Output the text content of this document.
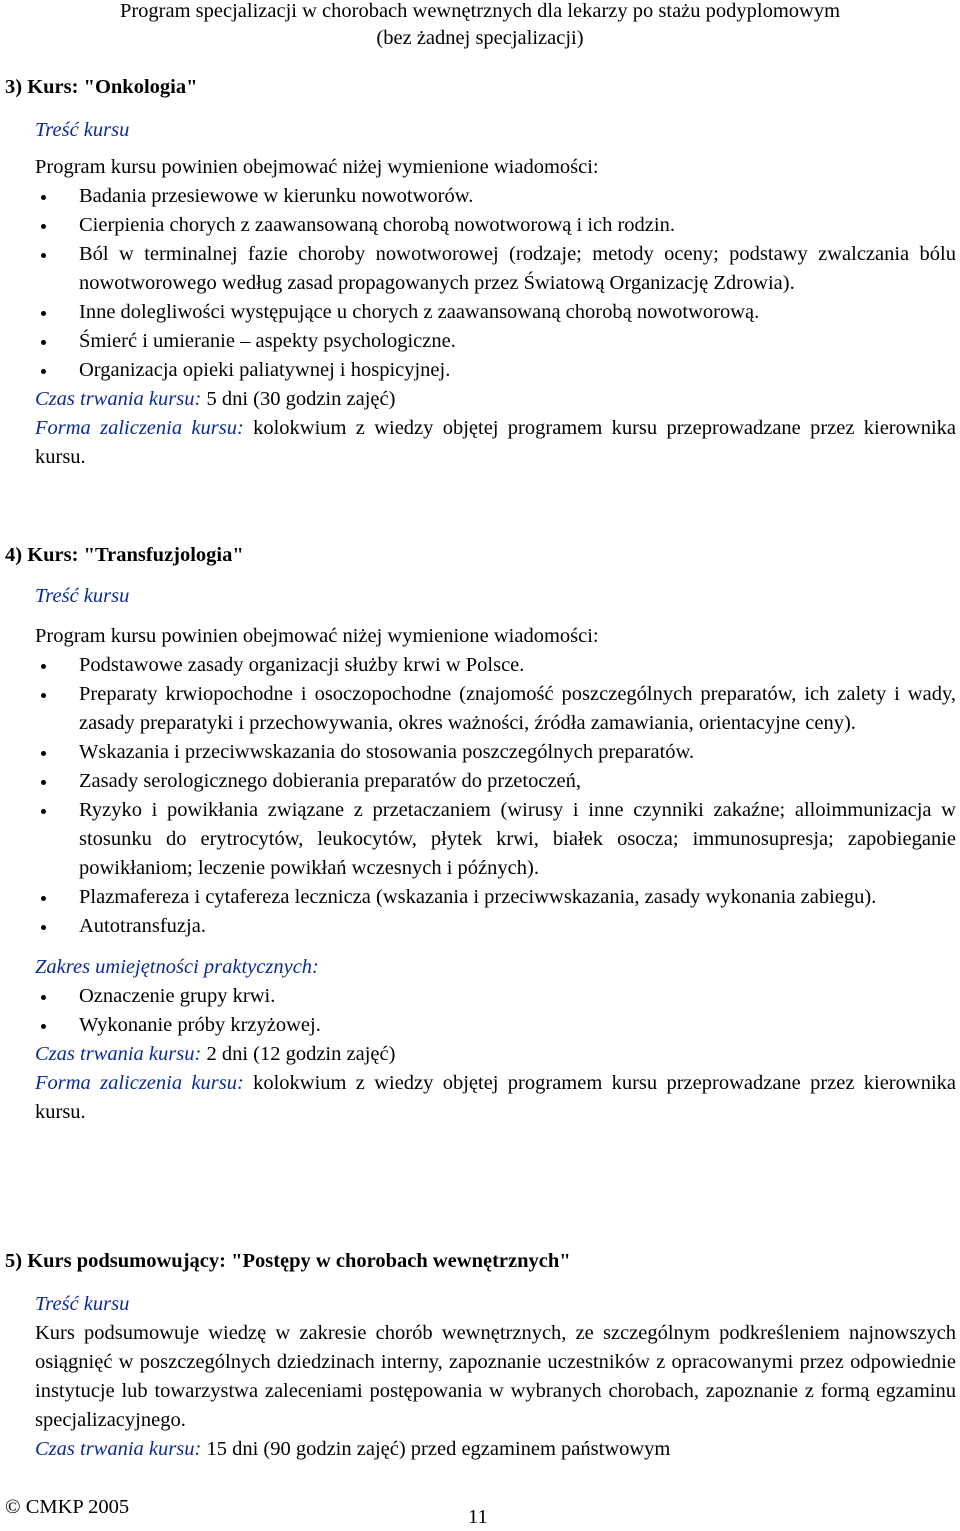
Program specjalizacji w chorobach wewnętrznych dla lekarzy po stażu podyplomowym
(bez żadnej specjalizacji)
3) Kurs: "Onkologia"
Treść kursu
Program kursu powinien obejmować niżej wymienione wiadomości:
Badania przesiewowe w kierunku nowotworów.
Cierpienia chorych z zaawansowaną chorobą nowotworową i ich rodzin.
Ból w terminalnej fazie choroby nowotworowej (rodzaje; metody oceny; podstawy zwalczania bólu nowotworowego według zasad propagowanych przez Światową Organizację Zdrowia).
Inne dolegliwości występujące u chorych z zaawansowaną chorobą nowotworową.
Śmierć i umieranie – aspekty psychologiczne.
Organizacja opieki paliatywnej i hospicyjnej.
Czas trwania kursu: 5 dni (30 godzin zajęć)
Forma zaliczenia kursu: kolokwium z wiedzy objętej programem kursu przeprowadzane przez kierownika kursu.
4) Kurs: "Transfuzjologia"
Treść kursu
Program kursu powinien obejmować niżej wymienione wiadomości:
Podstawowe zasady organizacji służby krwi w Polsce.
Preparaty krwiopochodne i osoczopochodne (znajomość poszczególnych preparatów, ich zalety i wady, zasady preparatyki i przechowywania, okres ważności, źródła zamawiania, orientacyjne ceny).
Wskazania i przeciwwskazania do stosowania poszczególnych preparatów.
Zasady serologicznego dobierania preparatów do przetoczeń,
Ryzyko i powikłania związane z przetaczaniem (wirusy i inne czynniki zakaźne; alloimmunizacja w stosunku do erytrocytów, leukocytów, płytek krwi, białek osocza; immunosupresja; zapobieganie powikłaniom; leczenie powikłań wczesnych i późnych).
Plazmafereza i cytafereza lecznicza (wskazania i przeciwwskazania, zasady wykonania zabiegu).
Autotransfuzja.
Zakres umiejętności praktycznych:
Oznaczenie grupy krwi.
Wykonanie próby krzyżowej.
Czas trwania kursu: 2 dni (12 godzin zajęć)
Forma zaliczenia kursu: kolokwium z wiedzy objętej programem kursu przeprowadzane przez kierownika kursu.
5) Kurs podsumowujący: "Postępy w chorobach wewnętrznych"
Treść kursu
Kurs podsumowuje wiedzę w zakresie chorób wewnętrznych, ze szczególnym podkreśleniem najnowszych osiągnięć w poszczególnych dziedzinach interny, zapoznanie uczestników z opracowanymi przez odpowiednie instytucje lub towarzystwa zaleceniami postępowania w wybranych chorobach, zapoznanie z formą egzaminu specjalizacyjnego.
Czas trwania kursu: 15 dni (90 godzin zajęć) przed egzaminem państwowym
© CMKP 2005	11
